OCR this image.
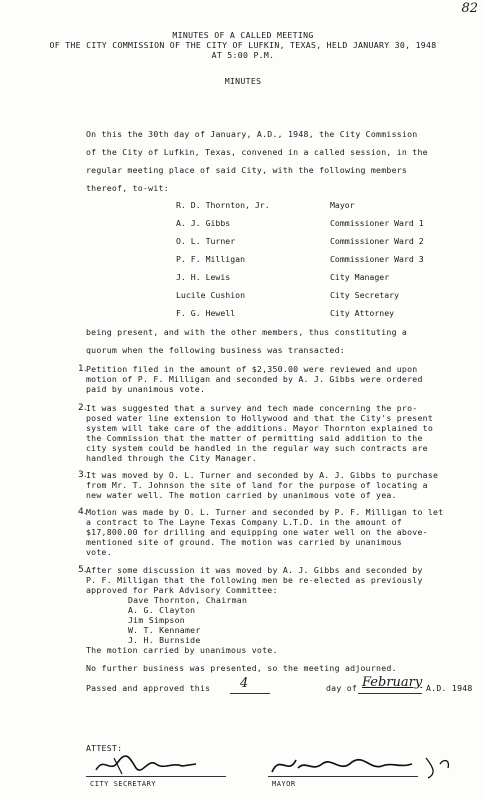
82
MINUTES OF A CALLED MEETING
OF THE CITY COMMISSION OF THE CITY OF LUFKIN, TEXAS, HELD JANUARY 30, 1948
AT 5:00 P.M.
MINUTES
On this the 30th day of January, A.D., 1948, the City Commission
of the City of Lufkin, Texas, convened in a called session, in the
regular meeting place of said City, with the following members
thereof, to-wit:
R. D. Thornton, Jr.	Mayor
A. J. Gibbs	Commissioner Ward 1
O. L. Turner	Commissioner Ward 2
P. F. Milligan	Commissioner Ward 3
J. H. Lewis	City Manager
Lucile Cushion	City Secretary
F. G. Hewell	City Attorney
being present, and with the other members, thus constituting a
quorum when the following business was transacted:
1. Petition filed in the amount of $2,350.00 were reviewed and upon
motion of P. F. Milligan and seconded by A. J. Gibbs were ordered
paid by unanimous vote.
2. It was suggested that a survey and tech made concerning the pro-
posed water line extension to Hollywood and that the City's present
system will take care of the additions. Mayor Thornton explained to
the Commission that the matter of permitting said addition to the
city system could be handled in the regular way such contracts are
handled through the City Manager.
3. It was moved by O. L. Turner and seconded by A. J. Gibbs to purchase
from Mr. T. Johnson the site of land for the purpose of locating a
new water well. The motion carried by unanimous vote of yea.
4. Motion was made by O. L. Turner and seconded by P. F. Milligan to let
a contract to The Layne Texas Company L.T.D. in the amount of
$17,800.00 for drilling and equipping one water well on the above-
mentioned site of ground. The motion was carried by unanimous
vote.
5. After some discussion it was moved by A. J. Gibbs and seconded by
P. F. Milligan that the following men be re-elected as previously
approved for Park Advisory Committee:
Dave Thornton, Chairman
A. G. Clayton
Jim Simpson
W. T. Kennamer
J. H. Burnside
The motion carried by unanimous vote.
No further business was presented, so the meeting adjourned.
Passed and approved this 4	day of February A.D. 1948
ATTEST:
CITY SECRETARY	MAYOR
